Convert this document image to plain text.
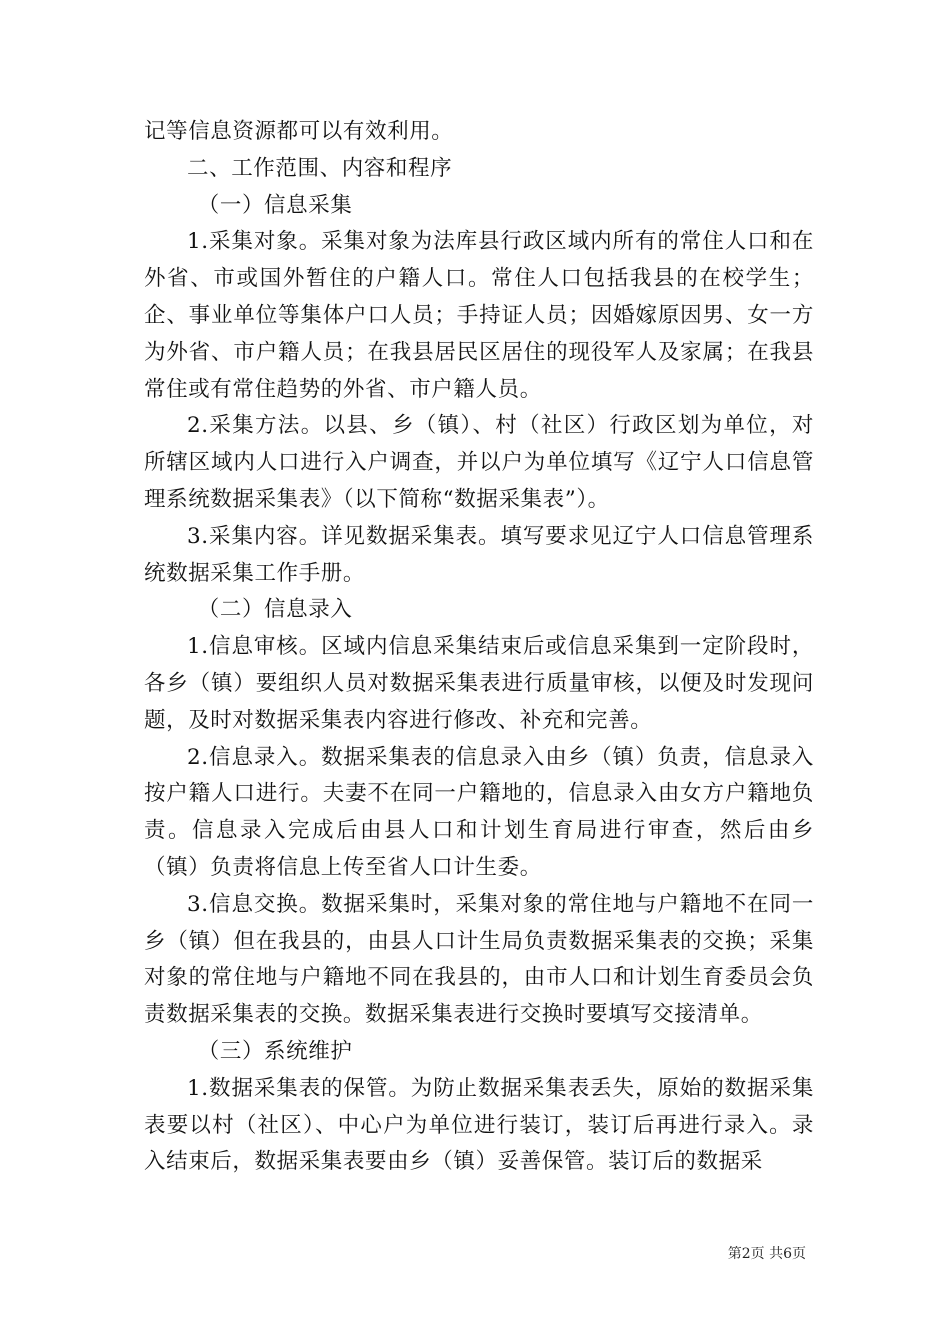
记等信息资源都可以有效利用。

二、工作范围、内容和程序

（一）信息采集

1.采集对象。采集对象为法库县行政区域内所有的常住人口和在外省、市或国外暂住的户籍人口。常住人口包括我县的在校学生；企、事业单位等集体户口人员；手持证人员；因婚嫁原因男、女一方为外省、市户籍人员；在我县居民区居住的现役军人及家属；在我县常住或有常住趋势的外省、市户籍人员。

2.采集方法。以县、乡（镇）、村（社区）行政区划为单位，对所辖区域内人口进行入户调查，并以户为单位填写《辽宁人口信息管理系统数据采集表》（以下简称“数据采集表”）。

3.采集内容。详见数据采集表。填写要求见辽宁人口信息管理系统数据采集工作手册。

（二）信息录入

1.信息审核。区域内信息采集结束后或信息采集到一定阶段时，各乡（镇）要组织人员对数据采集表进行质量审核，以便及时发现问题，及时对数据采集表内容进行修改、补充和完善。

2.信息录入。数据采集表的信息录入由乡（镇）负责，信息录入按户籍人口进行。夫妻不在同一户籍地的，信息录入由女方户籍地负责。信息录入完成后由县人口和计划生育局进行审查，然后由乡（镇）负责将信息上传至省人口计生委。

3.信息交换。数据采集时，采集对象的常住地与户籍地不在同一乡（镇）但在我县的，由县人口计生局负责数据采集表的交换；采集对象的常住地与户籍地不同在我县的，由市人口和计划生育委员会负责数据采集表的交换。数据采集表进行交换时要填写交接清单。

（三）系统维护

1.数据采集表的保管。为防止数据采集表丢失，原始的数据采集表要以村（社区）、中心户为单位进行装订，装订后再进行录入。录入结束后，数据采集表要由乡（镇）妥善保管。装订后的数据采

第2页 共6页
